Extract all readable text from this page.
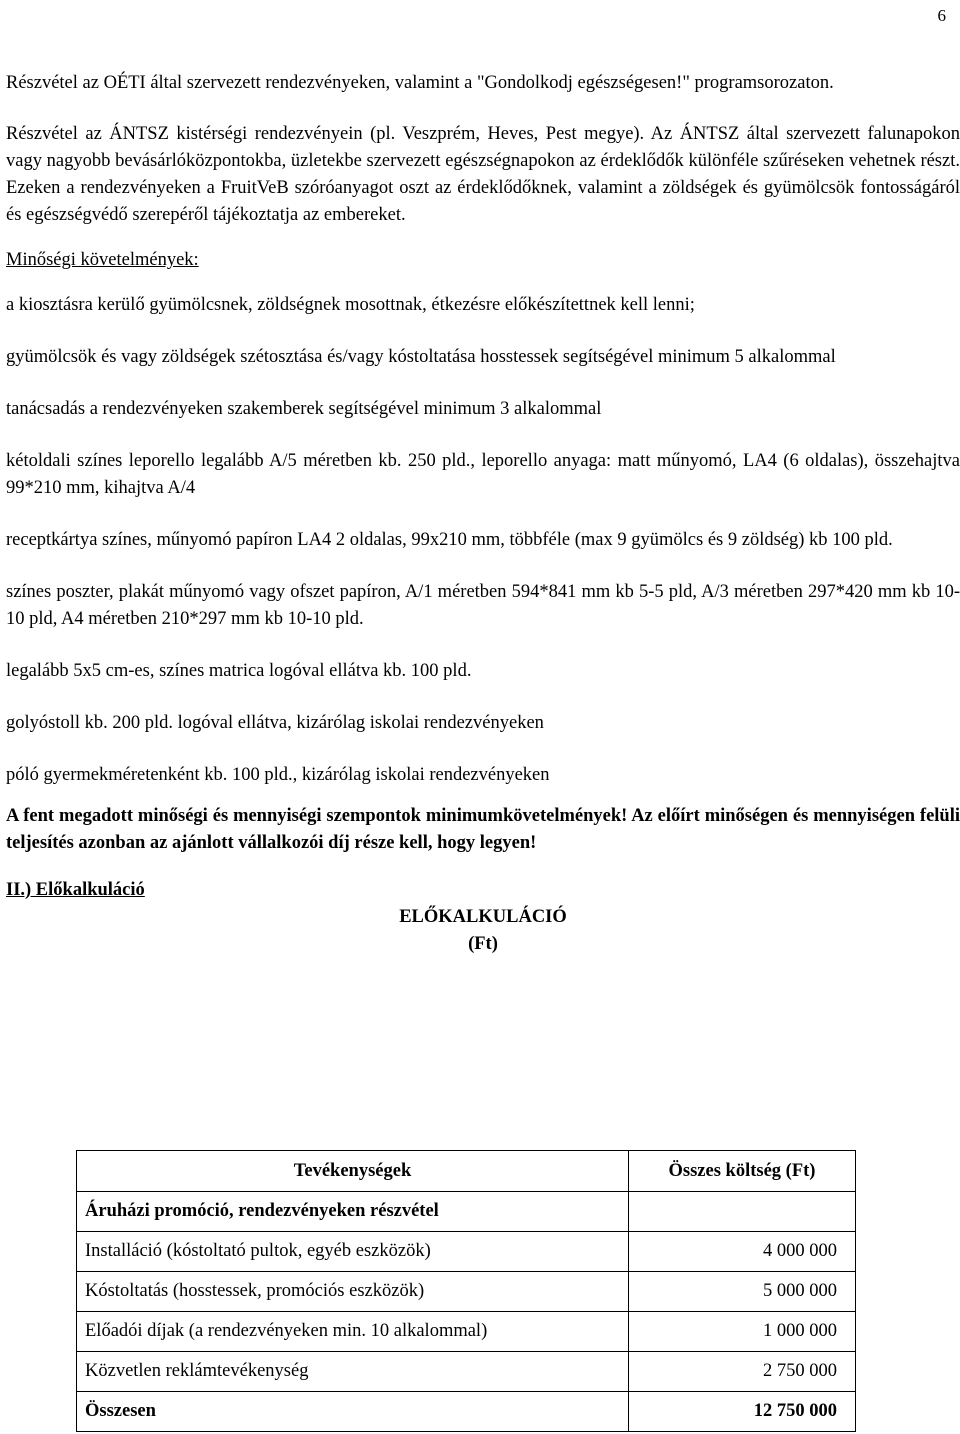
6

Részvétel az OÉTI által szervezett rendezvényeken, valamint a "Gondolkodj egészségesen!" programsorozaton.

Részvétel az ÁNTSZ kistérségi rendezvényein (pl. Veszprém, Heves, Pest megye). Az ÁNTSZ által szervezett falunapokon vagy nagyobb bevásárlóközpontokba, üzletekbe szervezett egészségnapokon az érdeklődők különféle szűréseken vehetnek részt. Ezeken a rendezvényeken a FruitVeB szóróanyagot oszt az érdeklődőknek, valamint a zöldségek és gyümölcsök fontosságáról és egészségvédő szerepéről tájékoztatja az embereket.

Minőségi követelmények:

a kiosztásra kerülő gyümölcsnek, zöldségnek mosottnak, étkezésre előkészítettnek kell lenni;

gyümölcsök és vagy zöldségek szétosztása és/vagy kóstoltatása hosstessek segítségével minimum 5 alkalommal

tanácsadás a rendezvényeken szakemberek segítségével minimum 3 alkalommal

kétoldali színes leporello legalább A/5 méretben kb. 250 pld., leporello anyaga: matt műnyomó, LA4 (6 oldalas), összehajtva 99*210 mm, kihajtva A/4

receptkártya színes, műnyomó papíron LA4 2 oldalas, 99x210 mm, többféle (max 9 gyümölcs és 9 zöldség) kb 100 pld.

színes poszter, plakát műnyomó vagy ofszet papíron, A/1 méretben 594*841 mm kb 5-5 pld, A/3 méretben 297*420 mm kb 10-10 pld, A4 méretben 210*297 mm kb 10-10 pld.

legalább 5x5 cm-es, színes matrica logóval ellátva kb. 100 pld.

golyóstoll kb. 200 pld. logóval ellátva, kizárólag iskolai rendezvényeken

póló gyermekméretenként kb. 100 pld., kizárólag iskolai rendezvényeken

A fent megadott minőségi és mennyiségi szempontok minimumkövetelmények! Az előírt minőségen és mennyiségen felüli teljesítés azonban az ajánlott vállalkozói díj része kell, hogy legyen!

II.) Előkalkuláció

ELŐKALKULÁCIÓ
(Ft)
Tevékenységek	Összes költség (Ft)
Áruházi promóció, rendezvényeken részvétel	
Installáció (kóstoltató pultok, egyéb eszközök)	4 000 000
Kóstoltatás (hosstessek, promóciós eszközök)	5 000 000
Előadói díjak (a rendezvényeken min. 10 alkalommal)	1 000 000
Közvetlen reklámtevékenység	2 750 000
Összesen	12 750 000
